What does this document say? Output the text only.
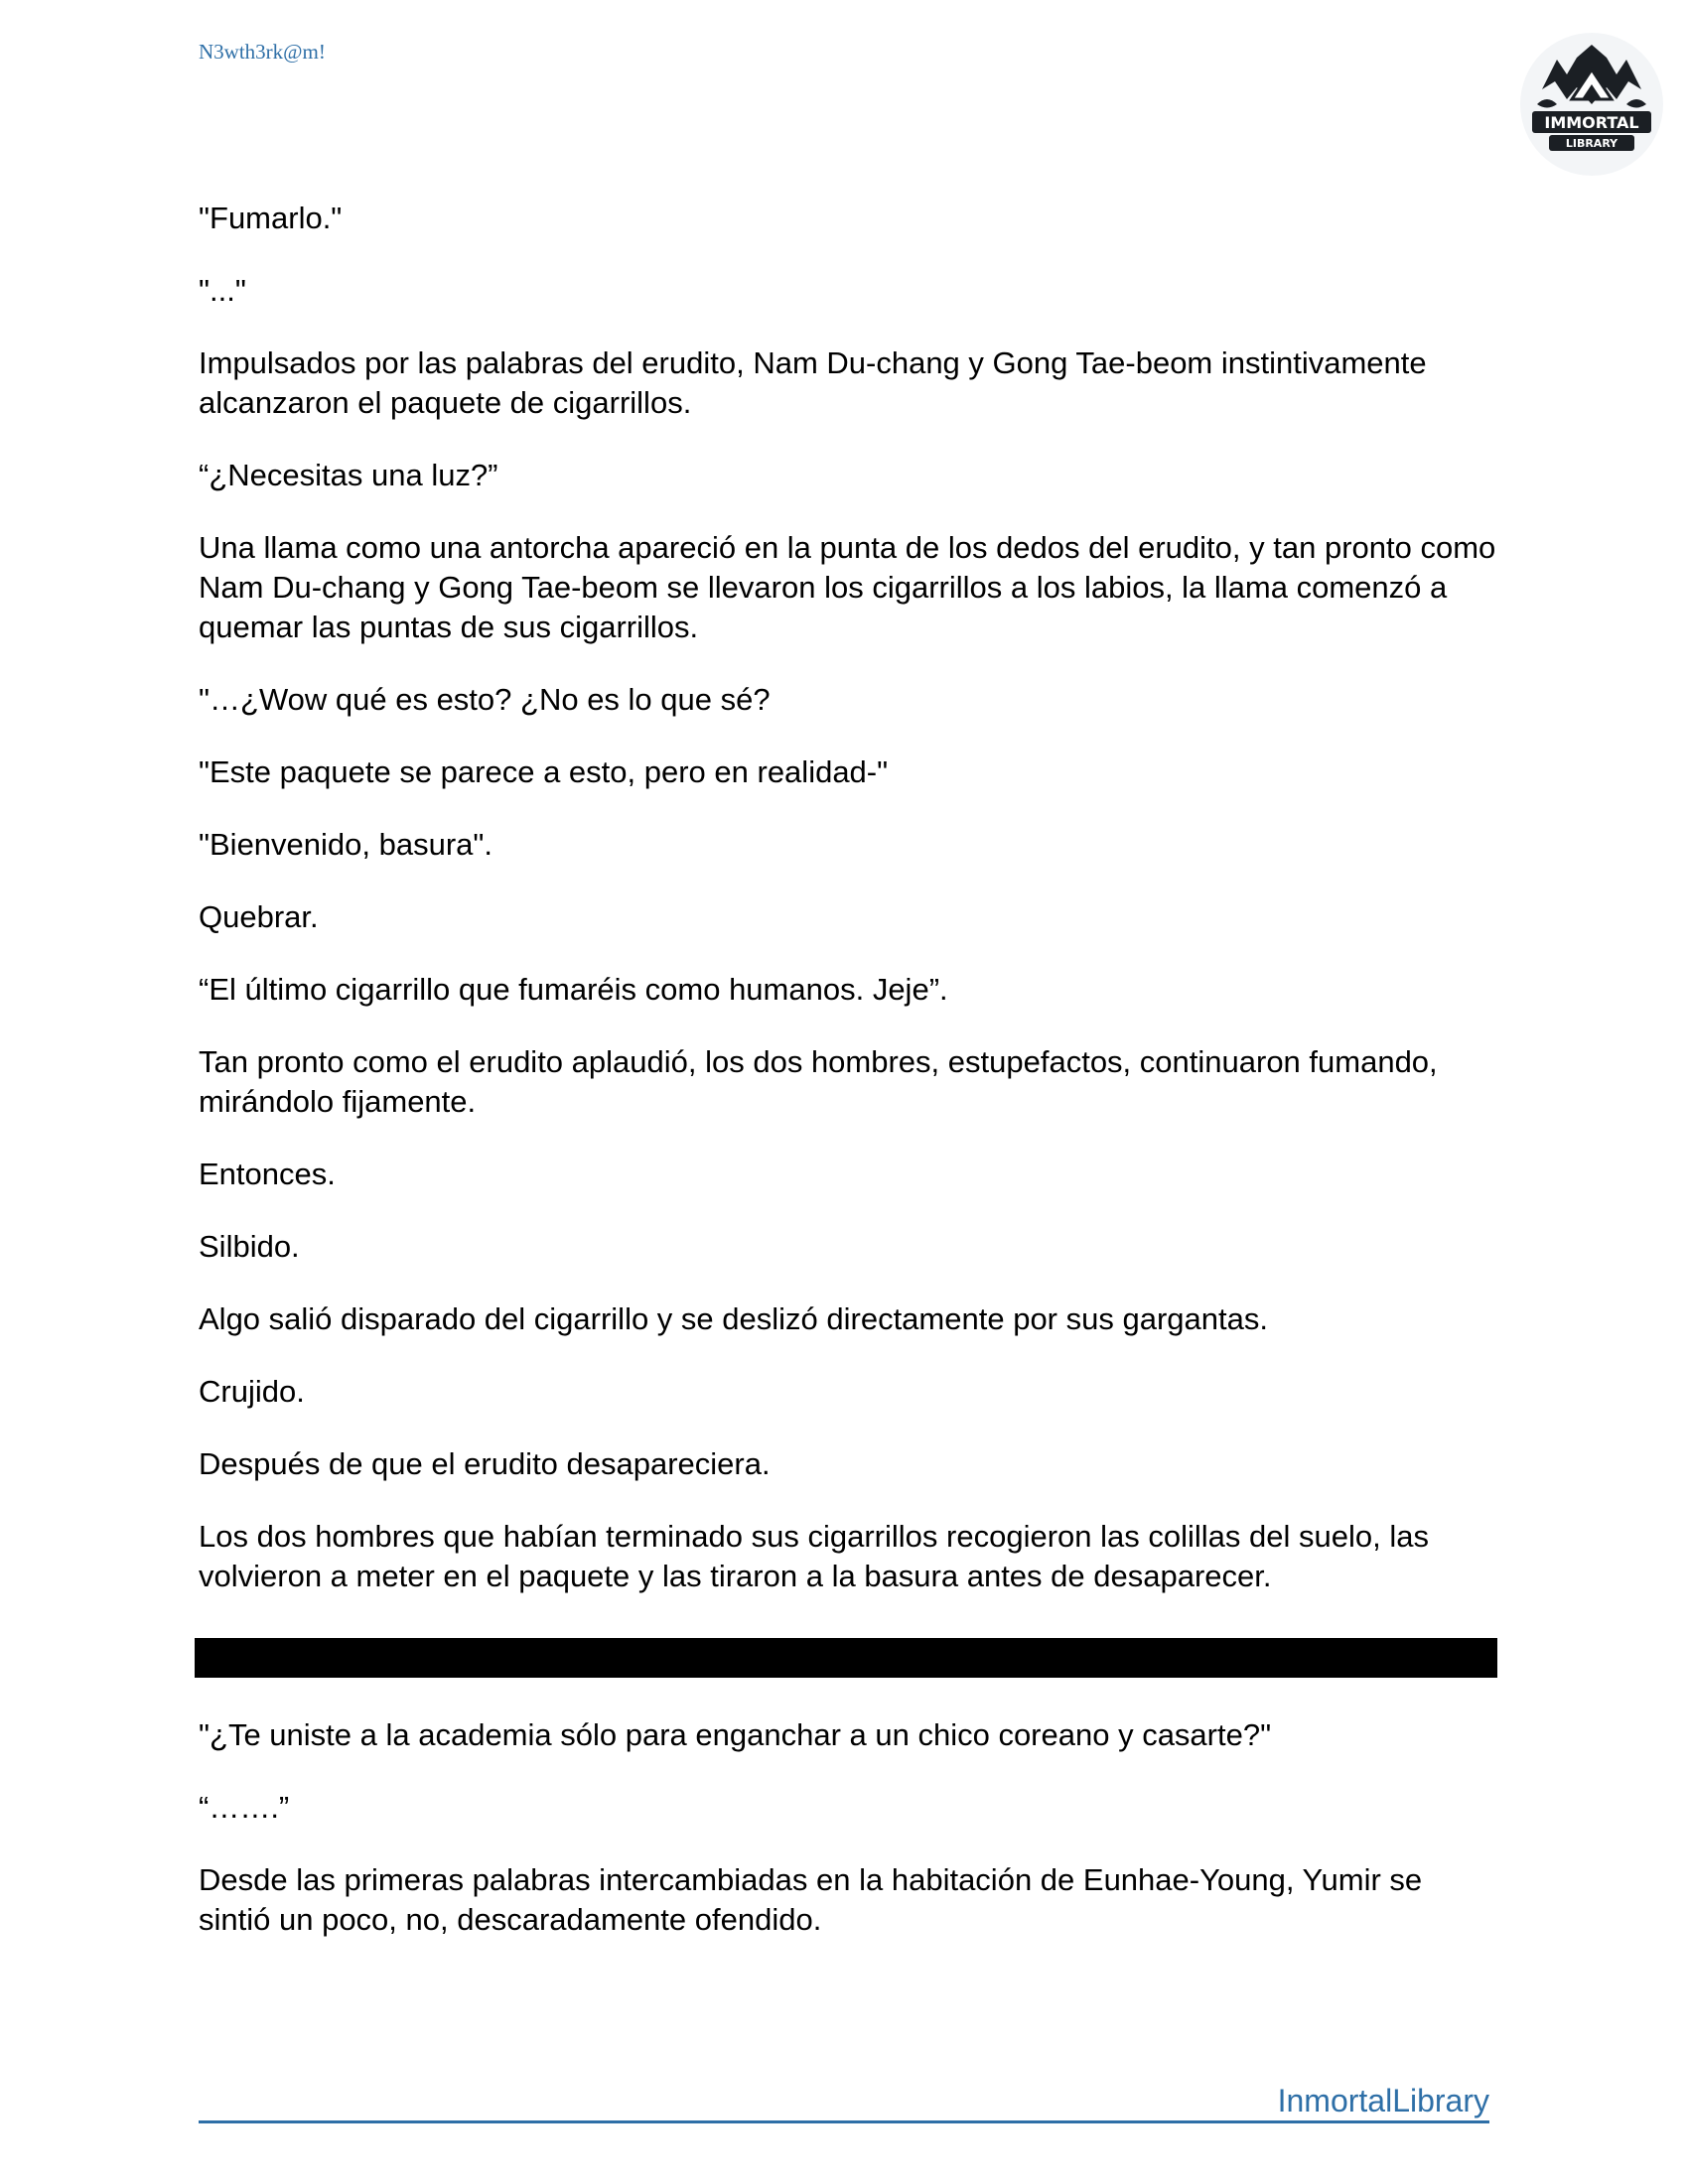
N3wth3rk@m!
IMMORTAL
LIBRARY

"Fumarlo."

"..."

Impulsados por las palabras del erudito, Nam Du-chang y Gong Tae-beom instintivamente alcanzaron el paquete de cigarrillos.

“¿Necesitas una luz?”

Una llama como una antorcha apareció en la punta de los dedos del erudito, y tan pronto como Nam Du-chang y Gong Tae-beom se llevaron los cigarrillos a los labios, la llama comenzó a quemar las puntas de sus cigarrillos.

"…¿Wow qué es esto? ¿No es lo que sé?

"Este paquete se parece a esto, pero en realidad-"

"Bienvenido, basura".

Quebrar.

“El último cigarrillo que fumaréis como humanos. Jeje”.

Tan pronto como el erudito aplaudió, los dos hombres, estupefactos, continuaron fumando, mirándolo fijamente.

Entonces.

Silbido.

Algo salió disparado del cigarrillo y se deslizó directamente por sus gargantas.

Crujido.

Después de que el erudito desapareciera.

Los dos hombres que habían terminado sus cigarrillos recogieron las colillas del suelo, las volvieron a meter en el paquete y las tiraron a la basura antes de desaparecer.

"¿Te uniste a la academia sólo para enganchar a un chico coreano y casarte?"

“…….”

Desde las primeras palabras intercambiadas en la habitación de Eunhae-Young, Yumir se sintió un poco, no, descaradamente ofendido.

InmortalLibrary
